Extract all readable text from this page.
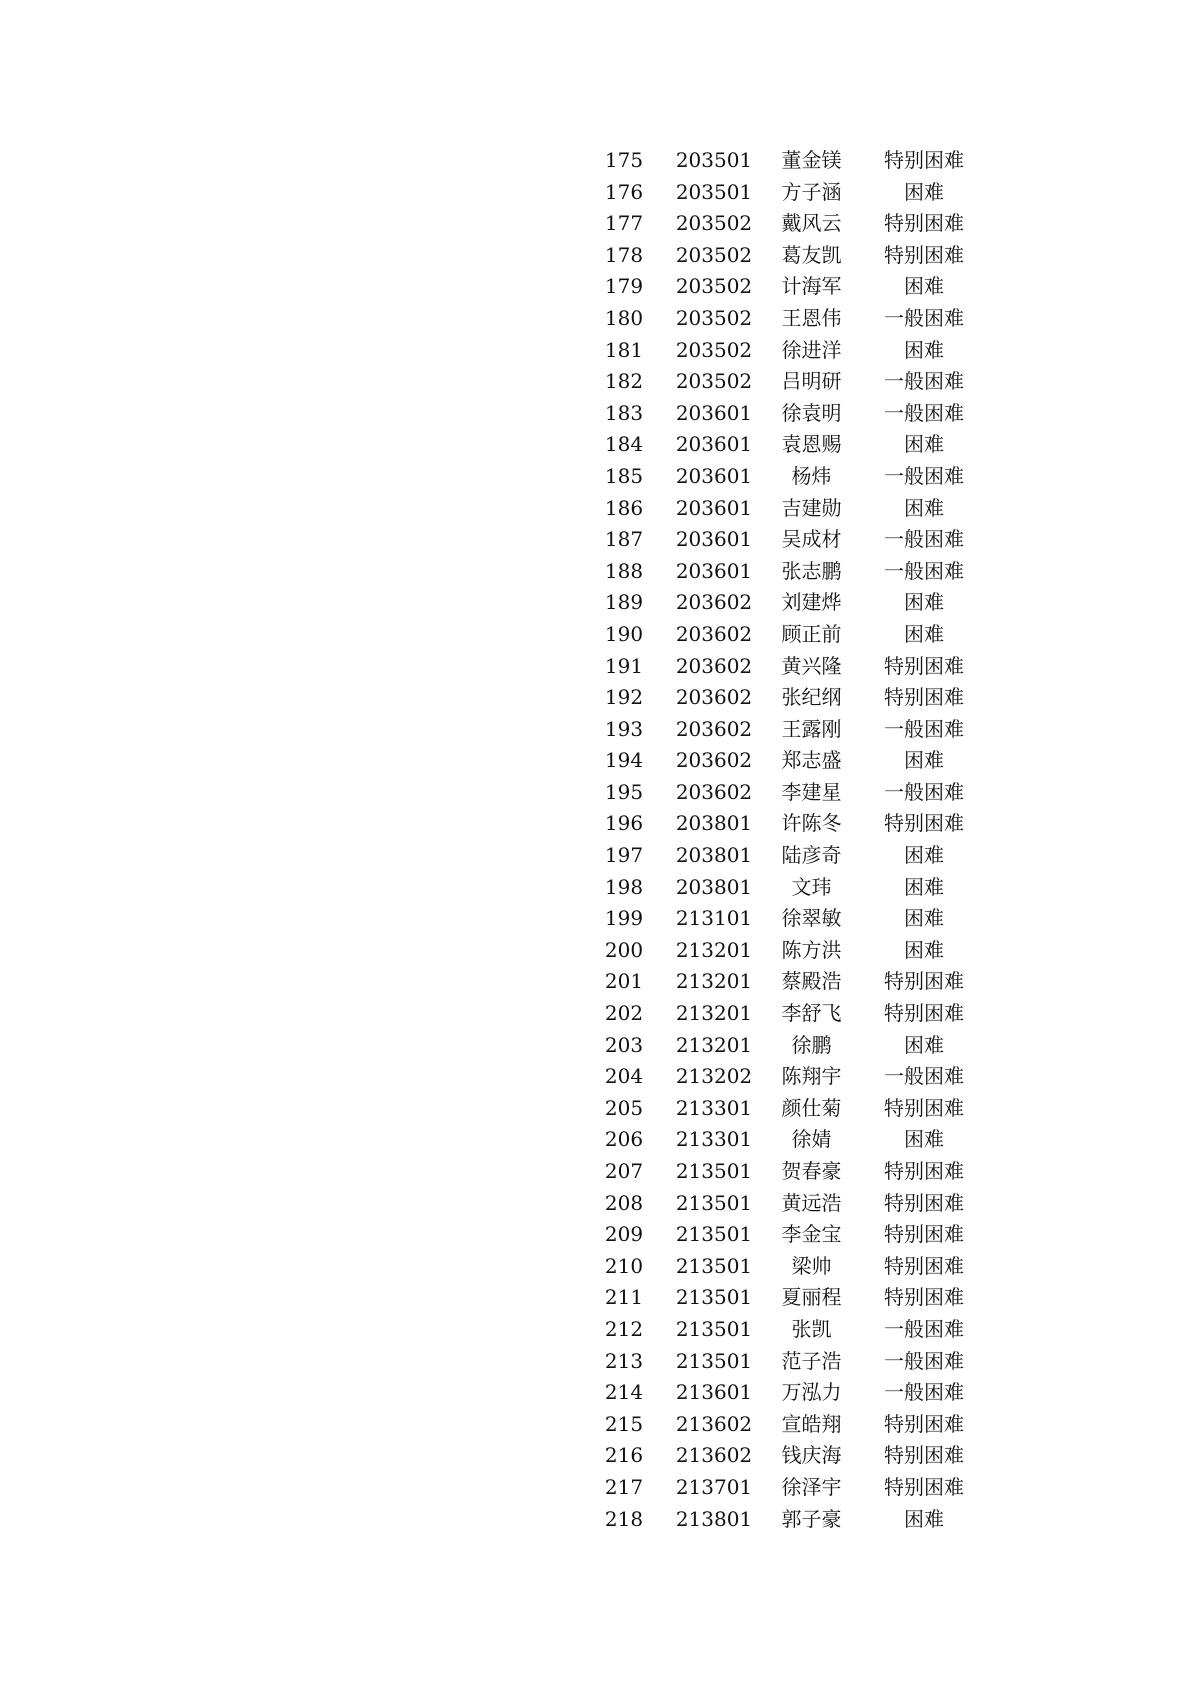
175	203501	董金镁	特别困难
176	203501	方子涵	困难
177	203502	戴风云	特别困难
178	203502	葛友凯	特别困难
179	203502	计海军	困难
180	203502	王恩伟	一般困难
181	203502	徐进洋	困难
182	203502	吕明研	一般困难
183	203601	徐袁明	一般困难
184	203601	袁恩赐	困难
185	203601	杨炜	一般困难
186	203601	吉建勋	困难
187	203601	吴成材	一般困难
188	203601	张志鹏	一般困难
189	203602	刘建烨	困难
190	203602	顾正前	困难
191	203602	黄兴隆	特别困难
192	203602	张纪纲	特别困难
193	203602	王露刚	一般困难
194	203602	郑志盛	困难
195	203602	李建星	一般困难
196	203801	许陈冬	特别困难
197	203801	陆彦奇	困难
198	203801	文玮	困难
199	213101	徐翠敏	困难
200	213201	陈方洪	困难
201	213201	蔡殿浩	特别困难
202	213201	李舒飞	特别困难
203	213201	徐鹏	困难
204	213202	陈翔宇	一般困难
205	213301	颜仕菊	特别困难
206	213301	徐婧	困难
207	213501	贺春豪	特别困难
208	213501	黄远浩	特别困难
209	213501	李金宝	特别困难
210	213501	梁帅	特别困难
211	213501	夏丽程	特别困难
212	213501	张凯	一般困难
213	213501	范子浩	一般困难
214	213601	万泓力	一般困难
215	213602	宣皓翔	特别困难
216	213602	钱庆海	特别困难
217	213701	徐泽宇	特别困难
218	213801	郭子豪	困难
